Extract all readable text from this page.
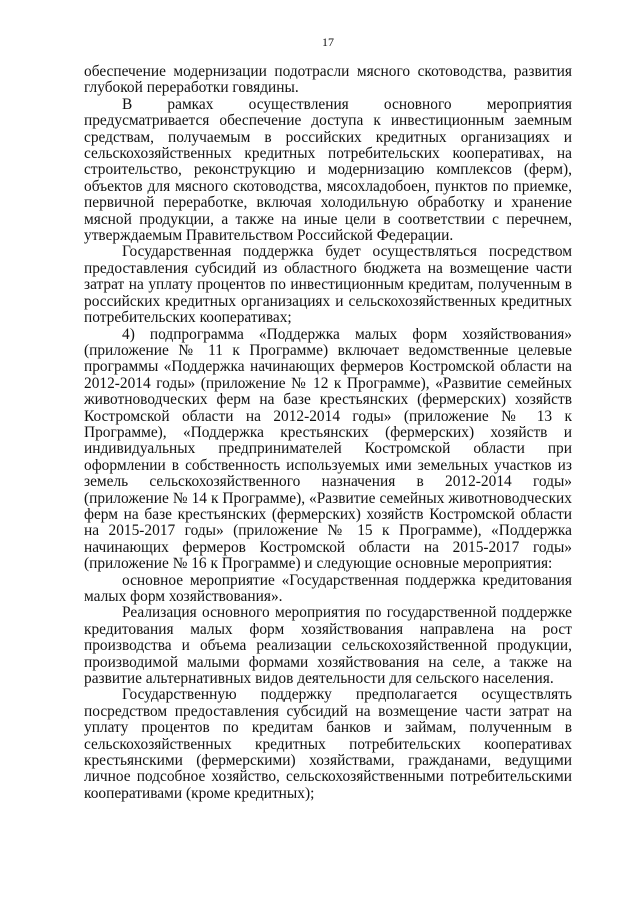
17

обеспечение модернизации подотрасли мясного скотоводства, развития глубокой переработки говядины.

В рамках осуществления основного мероприятия предусматривается обеспечение доступа к инвестиционным заемным средствам, получаемым в российских кредитных организациях и сельскохозяйственных кредитных потребительских кооперативах, на строительство, реконструкцию и модернизацию комплексов (ферм), объектов для мясного скотоводства, мясохладобоен, пунктов по приемке, первичной переработке, включая холодильную обработку и хранение мясной продукции, а также на иные цели в соответствии с перечнем, утверждаемым Правительством Российской Федерации.

Государственная поддержка будет осуществляться посредством предоставления субсидий из областного бюджета на возмещение части затрат на уплату процентов по инвестиционным кредитам, полученным в российских кредитных организациях и сельскохозяйственных кредитных потребительских кооперативах;

4) подпрограмма «Поддержка малых форм хозяйствования» (приложение № 11 к Программе) включает ведомственные целевые программы «Поддержка начинающих фермеров Костромской области на 2012-2014 годы» (приложение № 12 к Программе), «Развитие семейных животноводческих ферм на базе крестьянских (фермерских) хозяйств Костромской области на 2012-2014 годы» (приложение № 13 к Программе), «Поддержка крестьянских (фермерских) хозяйств и индивидуальных предпринимателей Костромской области при оформлении в собственность используемых ими земельных участков из земель сельскохозяйственного назначения в 2012-2014 годы» (приложение № 14 к Программе), «Развитие семейных животноводческих ферм на базе крестьянских (фермерских) хозяйств Костромской области на 2015-2017 годы» (приложение № 15 к Программе), «Поддержка начинающих фермеров Костромской области на 2015-2017 годы» (приложение № 16 к Программе) и следующие основные мероприятия:

основное мероприятие «Государственная поддержка кредитования малых форм хозяйствования».

Реализация основного мероприятия по государственной поддержке кредитования малых форм хозяйствования направлена на рост производства и объема реализации сельскохозяйственной продукции, производимой малыми формами хозяйствования на селе, а также на развитие альтернативных видов деятельности для сельского населения.

Государственную поддержку предполагается осуществлять посредством предоставления субсидий на возмещение части затрат на уплату процентов по кредитам банков и займам, полученным в сельскохозяйственных кредитных потребительских кооперативах крестьянскими (фермерскими) хозяйствами, гражданами, ведущими личное подсобное хозяйство, сельскохозяйственными потребительскими кооперативами (кроме кредитных);
